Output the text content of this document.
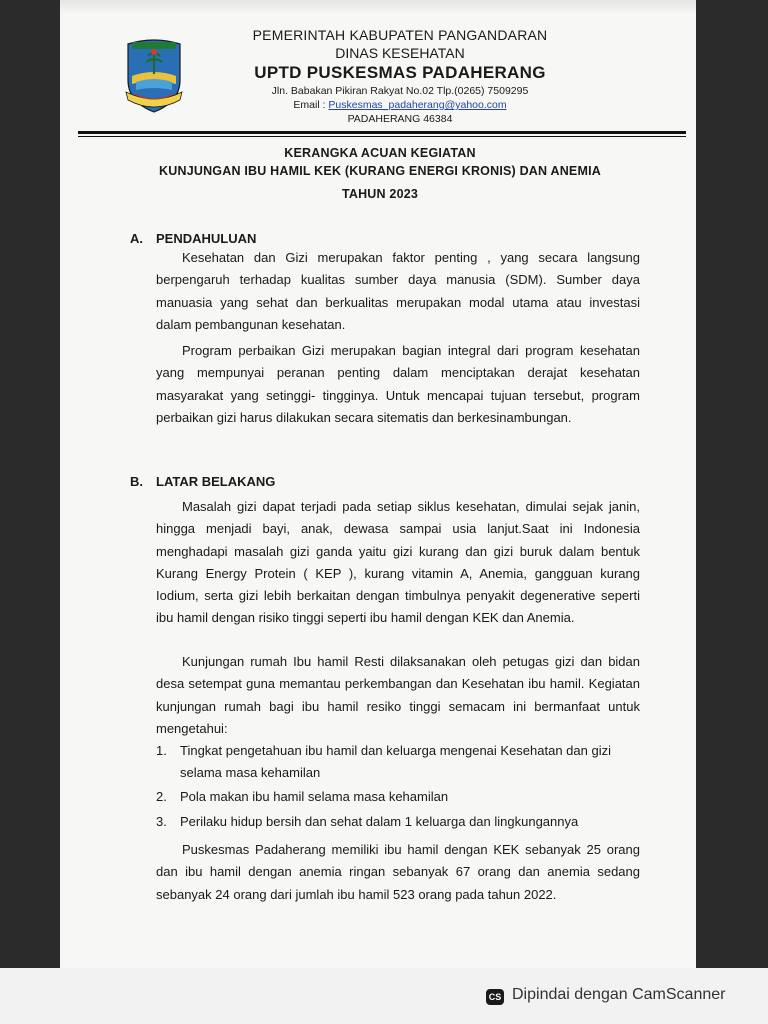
PEMERINTAH KABUPATEN PANGANDARAN
DINAS KESEHATAN
UPTD PUSKESMAS PADAHERANG
Jln. Babakan Pikiran Rakyat No.02 Tlp.(0265) 7509295
Email : Puskesmas_padaherang@yahoo.com
PADAHERANG 46384
KERANGKA ACUAN KEGIATAN
KUNJUNGAN IBU HAMIL KEK (KURANG ENERGI KRONIS) DAN ANEMIA
TAHUN 2023
A. PENDAHULUAN
Kesehatan dan Gizi merupakan faktor penting , yang secara langsung berpengaruh terhadap kualitas sumber daya manusia (SDM). Sumber daya manuasia yang sehat dan berkualitas merupakan modal utama atau investasi dalam pembangunan kesehatan.
Program perbaikan Gizi merupakan bagian integral dari program kesehatan yang mempunyai peranan penting dalam menciptakan derajat kesehatan masyarakat yang setinggi- tingginya. Untuk mencapai tujuan tersebut, program perbaikan gizi harus dilakukan secara sitematis dan berkesinambungan.
B. LATAR BELAKANG
Masalah gizi dapat terjadi pada setiap siklus kesehatan, dimulai sejak janin, hingga menjadi bayi, anak, dewasa sampai usia lanjut.Saat ini Indonesia menghadapi masalah gizi ganda yaitu gizi kurang dan gizi buruk dalam bentuk Kurang Energy Protein ( KEP ), kurang vitamin A, Anemia, gangguan kurang Iodium, serta gizi lebih berkaitan dengan timbulnya penyakit degenerative seperti ibu hamil dengan risiko tinggi seperti ibu hamil dengan KEK dan Anemia.
Kunjungan rumah Ibu hamil Resti dilaksanakan oleh petugas gizi dan bidan desa setempat guna memantau perkembangan dan Kesehatan ibu hamil. Kegiatan kunjungan rumah bagi ibu hamil resiko tinggi semacam ini bermanfaat untuk mengetahui:
1.	Tingkat pengetahuan ibu hamil dan keluarga mengenai Kesehatan dan gizi selama masa kehamilan
2.	Pola makan ibu hamil selama masa kehamilan
3.	Perilaku hidup bersih dan sehat dalam 1 keluarga dan lingkungannya
Puskesmas Padaherang memiliki ibu hamil dengan KEK sebanyak 25 orang dan ibu hamil dengan anemia ringan sebanyak 67 orang dan anemia sedang sebanyak 24 orang dari jumlah ibu hamil 523 orang pada tahun 2022.
CS Dipindai dengan CamScanner
